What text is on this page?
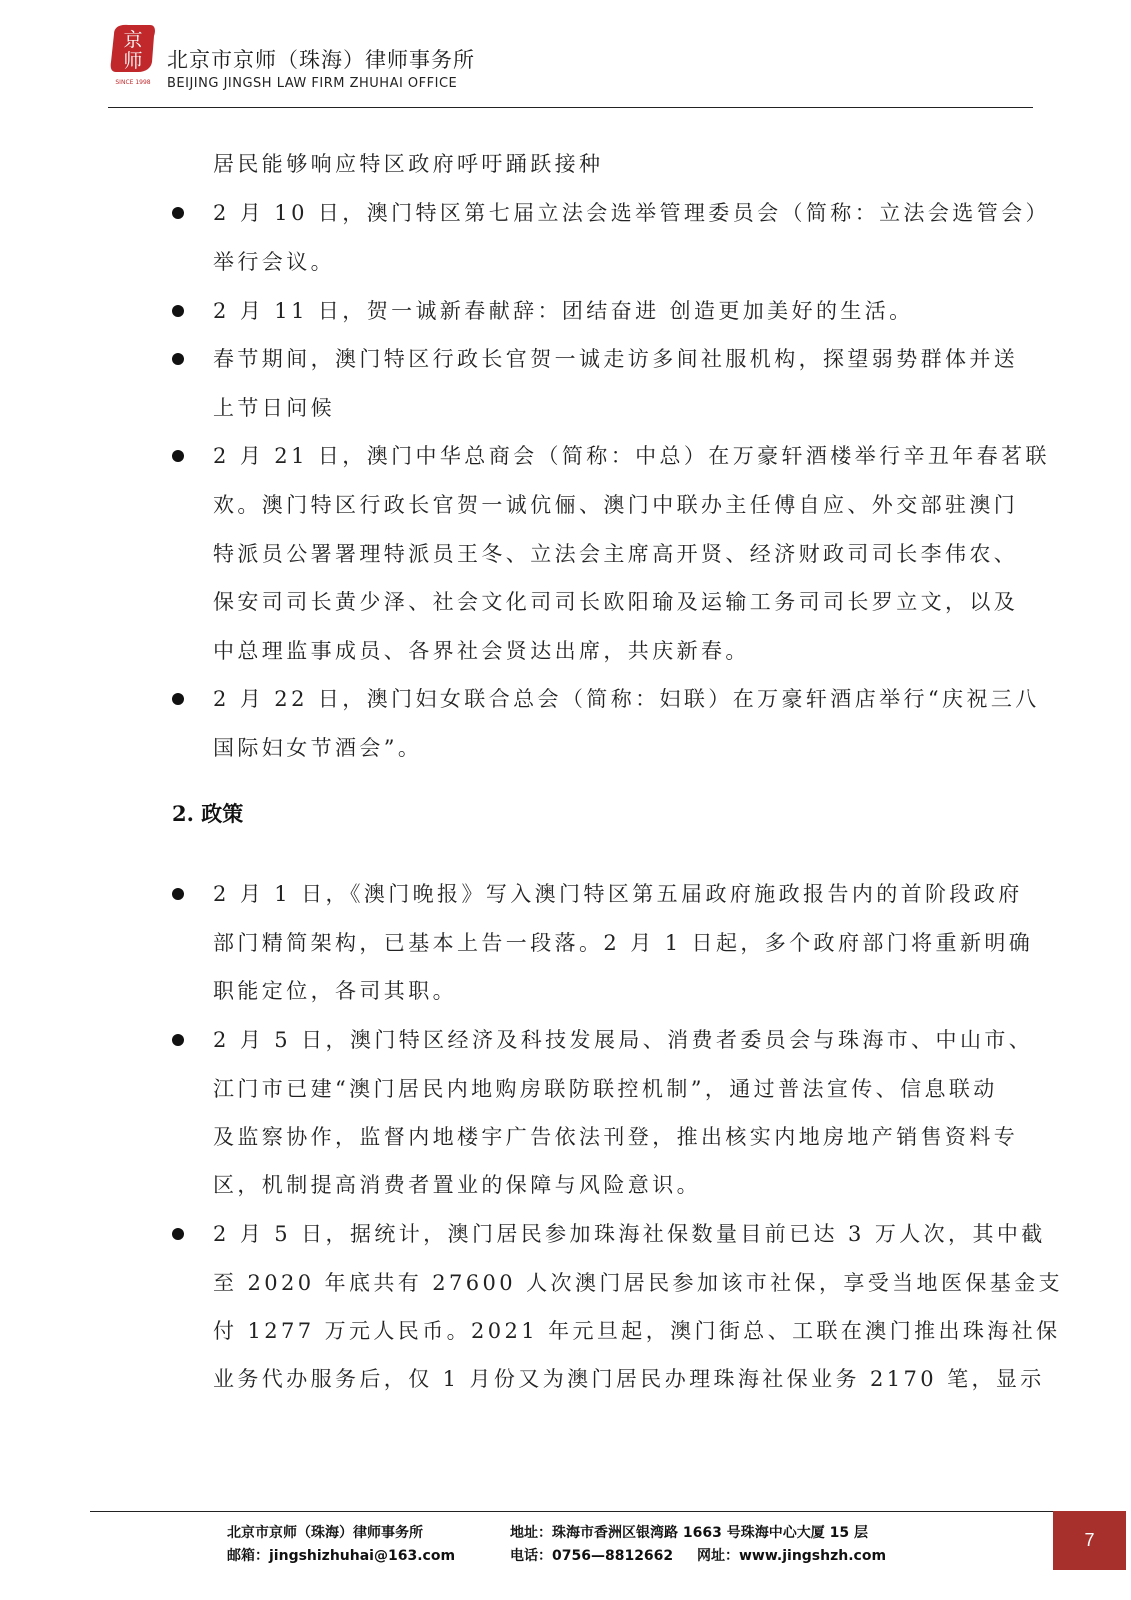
京
师
SINCE 1998
北京市京师（珠海）律师事务所
BEIJING JINGSH LAW FIRM ZHUHAI OFFICE
居民能够响应特区政府呼吁踊跃接种
2 月 10 日，澳门特区第七届立法会选举管理委员会（简称：立法会选管会）
举行会议。
2 月 11 日，贺一诚新春献辞：团结奋进 创造更加美好的生活。
春节期间，澳门特区行政长官贺一诚走访多间社服机构，探望弱势群体并送
上节日问候
2 月 21 日，澳门中华总商会（简称：中总）在万豪轩酒楼举行辛丑年春茗联
欢。澳门特区行政长官贺一诚伉俪、澳门中联办主任傅自应、外交部驻澳门
特派员公署署理特派员王冬、立法会主席高开贤、经济财政司司长李伟农、
保安司司长黄少泽、社会文化司司长欧阳瑜及运输工务司司长罗立文，以及
中总理监事成员、各界社会贤达出席，共庆新春。
2 月 22 日，澳门妇女联合总会（简称：妇联）在万豪轩酒店举行“庆祝三八
国际妇女节酒会”。
2. 政策
2 月 1 日，《澳门晚报》写入澳门特区第五届政府施政报告内的首阶段政府
部门精简架构，已基本上告一段落。2 月 1 日起，多个政府部门将重新明确
职能定位，各司其职。
2 月 5 日，澳门特区经济及科技发展局、消费者委员会与珠海市、中山市、
江门市已建“澳门居民内地购房联防联控机制”，通过普法宣传、信息联动
及监察协作，监督内地楼宇广告依法刊登，推出核实内地房地产销售资料专
区，机制提高消费者置业的保障与风险意识。
2 月 5 日，据统计，澳门居民参加珠海社保数量目前已达 3 万人次，其中截
至 2020 年底共有 27600 人次澳门居民参加该市社保，享受当地医保基金支
付 1277 万元人民币。2021 年元旦起，澳门街总、工联在澳门推出珠海社保
业务代办服务后，仅 1 月份又为澳门居民办理珠海社保业务 2170 笔，显示
北京市京师（珠海）律师事务所
邮箱：jingshizhuhai@163.com
地址：珠海市香洲区银湾路 1663 号珠海中心大厦 15 层
电话：0756—8812662 网址：www.jingshzh.com
7
